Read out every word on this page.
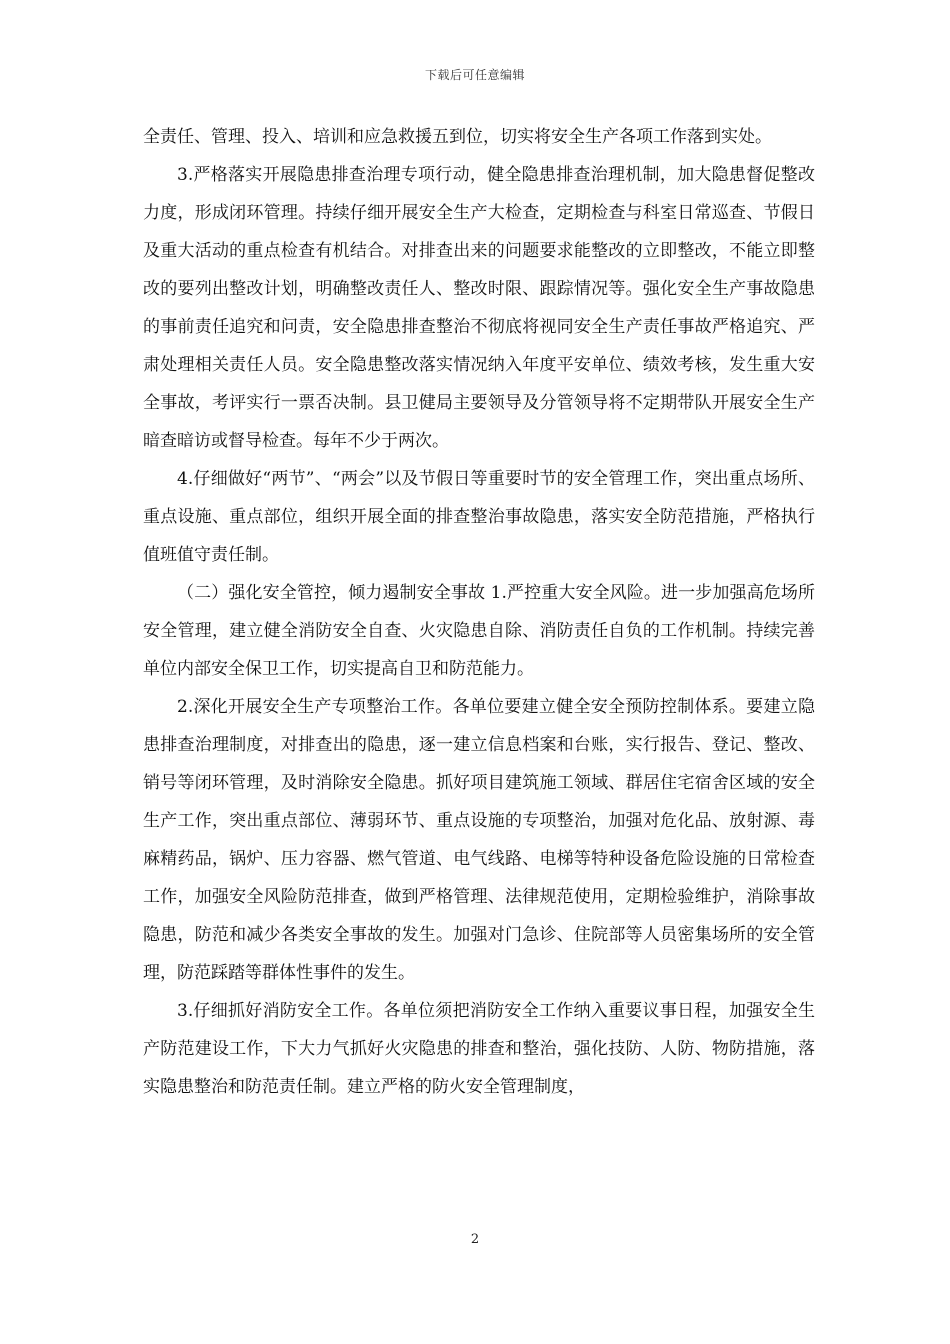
下载后可任意编辑

全责任、管理、投入、培训和应急救援五到位，切实将安全生产各项工作落到实处。

3.严格落实开展隐患排查治理专项行动，健全隐患排查治理机制，加大隐患督促整改力度，形成闭环管理。持续仔细开展安全生产大检查，定期检查与科室日常巡查、节假日及重大活动的重点检查有机结合。对排查出来的问题要求能整改的立即整改，不能立即整改的要列出整改计划，明确整改责任人、整改时限、跟踪情况等。强化安全生产事故隐患的事前责任追究和问责，安全隐患排查整治不彻底将视同安全生产责任事故严格追究、严肃处理相关责任人员。安全隐患整改落实情况纳入年度平安单位、绩效考核，发生重大安全事故，考评实行一票否决制。县卫健局主要领导及分管领导将不定期带队开展安全生产暗查暗访或督导检查。每年不少于两次。

4.仔细做好“两节”、“两会”以及节假日等重要时节的安全管理工作，突出重点场所、重点设施、重点部位，组织开展全面的排查整治事故隐患，落实安全防范措施，严格执行值班值守责任制。

（二）强化安全管控，倾力遏制安全事故 1.严控重大安全风险。进一步加强高危场所安全管理，建立健全消防安全自查、火灾隐患自除、消防责任自负的工作机制。持续完善单位内部安全保卫工作，切实提高自卫和防范能力。

2.深化开展安全生产专项整治工作。各单位要建立健全安全预防控制体系。要建立隐患排查治理制度，对排查出的隐患，逐一建立信息档案和台账，实行报告、登记、整改、销号等闭环管理，及时消除安全隐患。抓好项目建筑施工领域、群居住宅宿舍区域的安全生产工作，突出重点部位、薄弱环节、重点设施的专项整治，加强对危化品、放射源、毒麻精药品，锅炉、压力容器、燃气管道、电气线路、电梯等特种设备危险设施的日常检查工作，加强安全风险防范排查，做到严格管理、法律规范使用，定期检验维护，消除事故隐患，防范和减少各类安全事故的发生。加强对门急诊、住院部等人员密集场所的安全管理，防范踩踏等群体性事件的发生。

3.仔细抓好消防安全工作。各单位须把消防安全工作纳入重要议事日程，加强安全生产防范建设工作，下大力气抓好火灾隐患的排查和整治，强化技防、人防、物防措施，落实隐患整治和防范责任制。建立严格的防火安全管理制度，

2
